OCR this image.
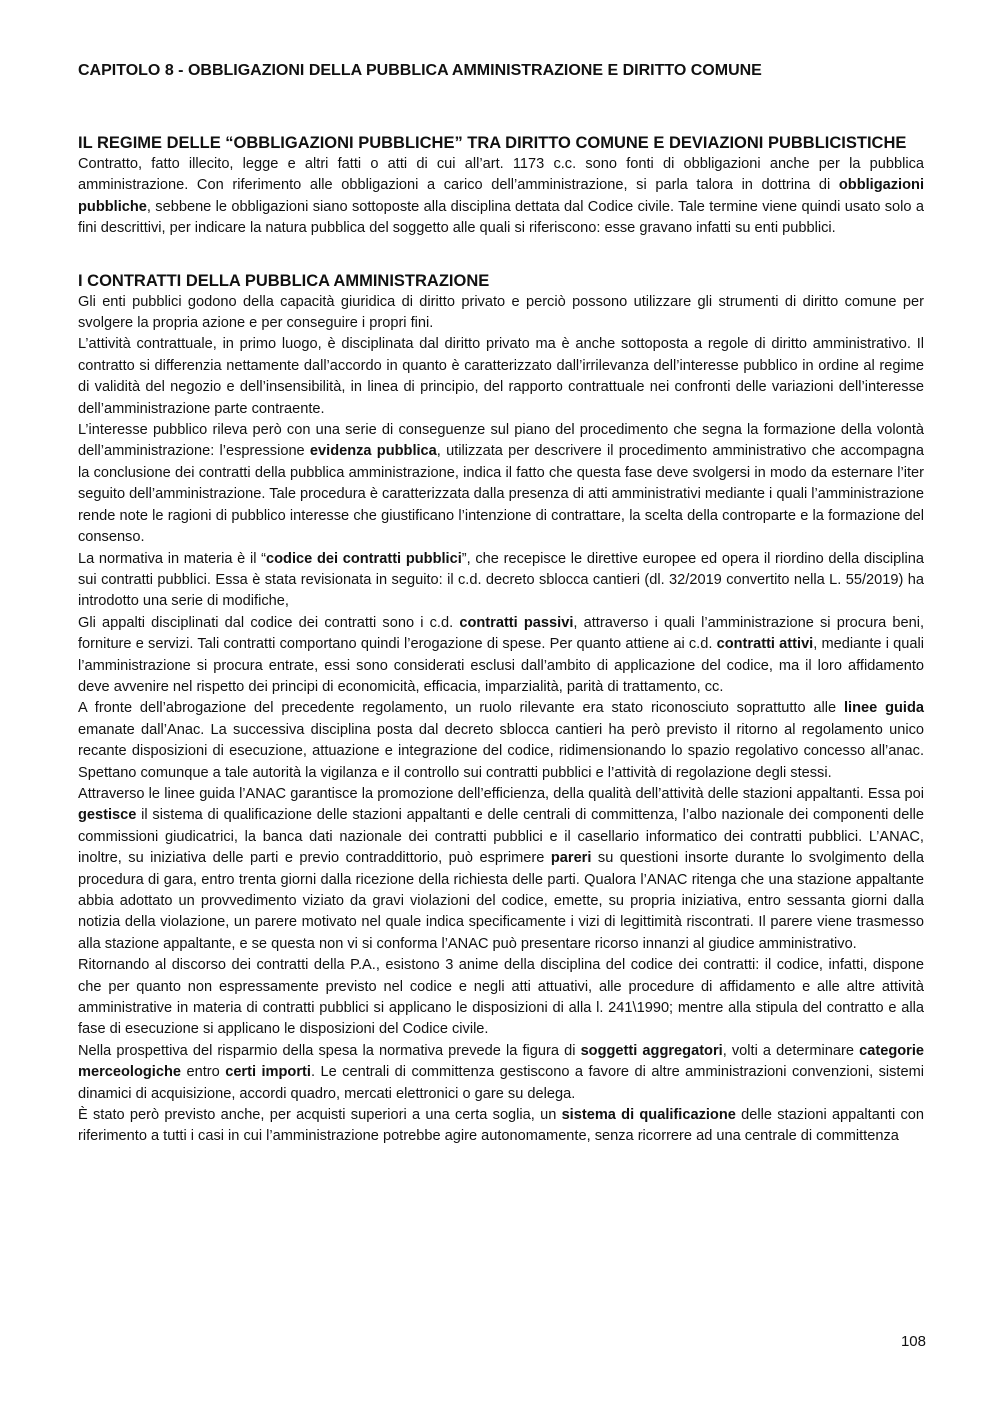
CAPITOLO 8 - OBBLIGAZIONI DELLA PUBBLICA AMMINISTRAZIONE E DIRITTO COMUNE
IL REGIME DELLE “OBBLIGAZIONI PUBBLICHE” TRA DIRITTO COMUNE E DEVIAZIONI PUBBLICISTICHE

Contratto, fatto illecito, legge e altri fatti o atti di cui all’art. 1173 c.c. sono fonti di obbligazioni anche per la pubblica amministrazione. Con riferimento alle obbligazioni a carico dell’amministrazione, si parla talora in dottrina di obbligazioni pubbliche, sebbene le obbligazioni siano sottoposte alla disciplina dettata dal Codice civile. Tale termine viene quindi usato solo a fini descrittivi, per indicare la natura pubblica del soggetto alle quali si riferiscono: esse gravano infatti su enti pubblici.

I CONTRATTI DELLA PUBBLICA AMMINISTRAZIONE

Gli enti pubblici godono della capacità giuridica di diritto privato e perciò possono utilizzare gli strumenti di diritto comune per svolgere la propria azione e per conseguire i propri fini.

L’attività contrattuale, in primo luogo, è disciplinata dal diritto privato ma è anche sottoposta a regole di diritto amministrativo. Il contratto si differenzia nettamente dall’accordo in quanto è caratterizzato dall’irrilevanza dell’interesse pubblico in ordine al regime di validità del negozio e dell’insensibilità, in linea di principio, del rapporto contrattuale nei confronti delle variazioni dell’interesse dell’amministrazione parte contraente.

L’interesse pubblico rileva però con una serie di conseguenze sul piano del procedimento che segna la formazione della volontà dell’amministrazione: l’espressione evidenza pubblica, utilizzata per descrivere il procedimento amministrativo che accompagna la conclusione dei contratti della pubblica amministrazione, indica il fatto che questa fase deve svolgersi in modo da esternare l’iter seguito dell’amministrazione. Tale procedura è caratterizzata dalla presenza di atti amministrativi mediante i quali l’amministrazione rende note le ragioni di pubblico interesse che giustificano l’intenzione di contrattare, la scelta della controparte e la formazione del consenso.

La normativa in materia è il “codice dei contratti pubblici”, che recepisce le direttive europee ed opera il riordino della disciplina sui contratti pubblici. Essa è stata revisionata in seguito: il c.d. decreto sblocca cantieri (dl. 32/2019 convertito nella L. 55/2019) ha introdotto una serie di modifiche,

Gli appalti disciplinati dal codice dei contratti sono i c.d. contratti passivi, attraverso i quali l’amministrazione si procura beni, forniture e servizi. Tali contratti comportano quindi l’erogazione di spese. Per quanto attiene ai c.d. contratti attivi, mediante i quali l’amministrazione si procura entrate, essi sono considerati esclusi dall’ambito di applicazione del codice, ma il loro affidamento deve avvenire nel rispetto dei principi di economicità, efficacia, imparzialità, parità di trattamento, cc.

A fronte dell’abrogazione del precedente regolamento, un ruolo rilevante era stato riconosciuto soprattutto alle linee guida emanate dall’Anac. La successiva disciplina posta dal decreto sblocca cantieri ha però previsto il ritorno al regolamento unico recante disposizioni di esecuzione, attuazione e integrazione del codice, ridimensionando lo spazio regolativo concesso all’anac. Spettano comunque a tale autorità la vigilanza e il controllo sui contratti pubblici e l’attività di regolazione degli stessi.

Attraverso le linee guida l’ANAC garantisce la promozione dell’efficienza, della qualità dell’attività delle stazioni appaltanti. Essa poi gestisce il sistema di qualificazione delle stazioni appaltanti e delle centrali di committenza, l’albo nazionale dei componenti delle commissioni giudicatrici, la banca dati nazionale dei contratti pubblici e il casellario informatico dei contratti pubblici. L’ANAC, inoltre, su iniziativa delle parti e previo contraddittorio, può esprimere pareri su questioni insorte durante lo svolgimento della procedura di gara, entro trenta giorni dalla ricezione della richiesta delle parti. Qualora l’ANAC ritenga che una stazione appaltante abbia adottato un provvedimento viziato da gravi violazioni del codice, emette, su propria iniziativa, entro sessanta giorni dalla notizia della violazione, un parere motivato nel quale indica specificamente i vizi di legittimità riscontrati. Il parere viene trasmesso alla stazione appaltante, e se questa non vi si conforma l’ANAC può presentare ricorso innanzi al giudice amministrativo.

Ritornando al discorso dei contratti della P.A., esistono 3 anime della disciplina del codice dei contratti: il codice, infatti, dispone che per quanto non espressamente previsto nel codice e negli atti attuativi, alle procedure di affidamento e alle altre attività amministrative in materia di contratti pubblici si applicano le disposizioni di alla l. 241\1990; mentre alla stipula del contratto e alla fase di esecuzione si applicano le disposizioni del Codice civile.

Nella prospettiva del risparmio della spesa la normativa prevede la figura di soggetti aggregatori, volti a determinare categorie merceologiche entro certi importi. Le centrali di committenza gestiscono a favore di altre amministrazioni convenzioni, sistemi dinamici di acquisizione, accordi quadro, mercati elettronici o gare su delega.

È stato però previsto anche, per acquisti superiori a una certa soglia, un sistema di qualificazione delle stazioni appaltanti con riferimento a tutti i casi in cui l’amministrazione potrebbe agire autonomamente, senza ricorrere ad una centrale di committenza

108
